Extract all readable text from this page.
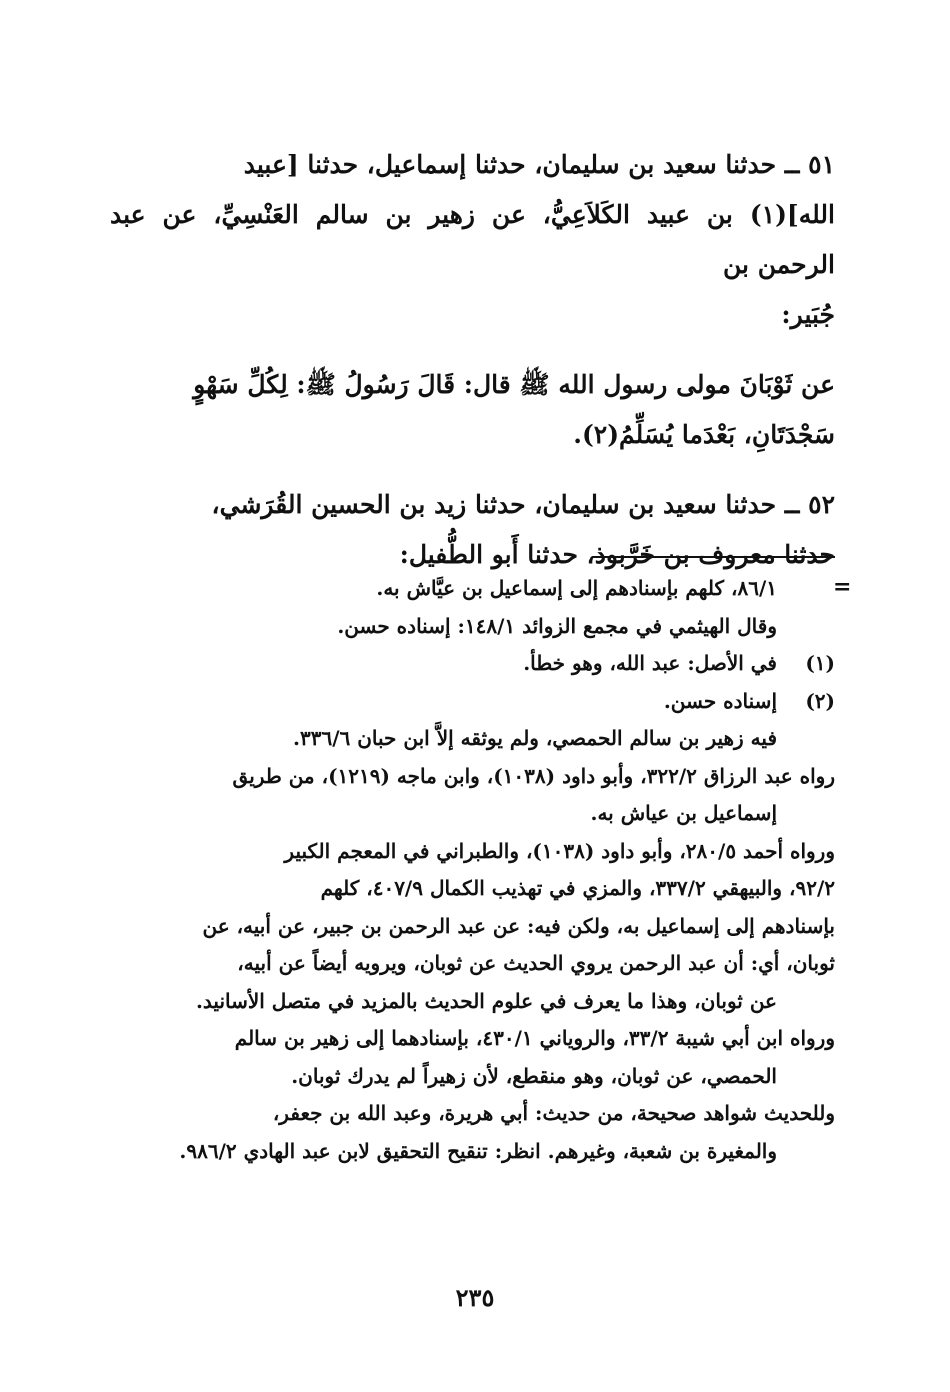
٥١ ــ حدثنا سعيد بن سليمان، حدثنا إسماعيل، حدثنا [عبيد

الله](١) بن عبيد الكَلاَعِيُّ، عن زهير بن سالم العَنْسِيِّ، عن عبد الرحمن بن

جُبَير:

عن ثَوْبَانَ مولى رسول الله ﷺ قال: قَالَ رَسُولُ ﷺ: لِكُلِّ سَهْوٍ

سَجْدَتَانِ، بَعْدَما يُسَلِّمُ(٢).

٥٢ ــ حدثنا سعيد بن سليمان، حدثنا زيد بن الحسين القُرَشي،

حدثنا معروف بن خَرَّبوذ، حدثنا أَبو الطُّفيل:

=

٨٦/١، كلهم بإسنادهم إلى إسماعيل بن عيَّاش به.

وقال الهيثمي في مجمع الزوائد ١٤٨/١: إسناده حسن.

(١)في الأصل: عبد الله، وهو خطأ.

(٢)إسناده حسن.

فيه زهير بن سالم الحمصي، ولم يوثقه إلاَّ ابن حبان ٣٣٦/٦.

رواه عبد الرزاق ٣٢٢/٢، وأبو داود (١٠٣٨)، وابن ماجه (١٢١٩)، من طريق

إسماعيل بن عياش به.

ورواه أحمد ٢٨٠/٥، وأبو داود (١٠٣٨)، والطبراني في المعجم الكبير

٩٢/٢، والبيهقي ٣٣٧/٢، والمزي في تهذيب الكمال ٤٠٧/٩، كلهم

بإسنادهم إلى إسماعيل به، ولكن فيه: عن عبد الرحمن بن جبير، عن أبيه، عن

ثوبان، أي: أن عبد الرحمن يروي الحديث عن ثوبان، ويرويه أيضاً عن أبيه،

عن ثوبان، وهذا ما يعرف في علوم الحديث بالمزيد في متصل الأسانيد.

ورواه ابن أبي شيبة ٣٣/٢، والروياني ٤٣٠/١، بإسنادهما إلى زهير بن سالم

الحمصي، عن ثوبان، وهو منقطع، لأن زهيراً لم يدرك ثوبان.

وللحديث شواهد صحيحة، من حديث: أبي هريرة، وعبد الله بن جعفر،

والمغيرة بن شعبة، وغيرهم. انظر: تنقيح التحقيق لابن عبد الهادي ٩٨٦/٢.

٢٣٥
